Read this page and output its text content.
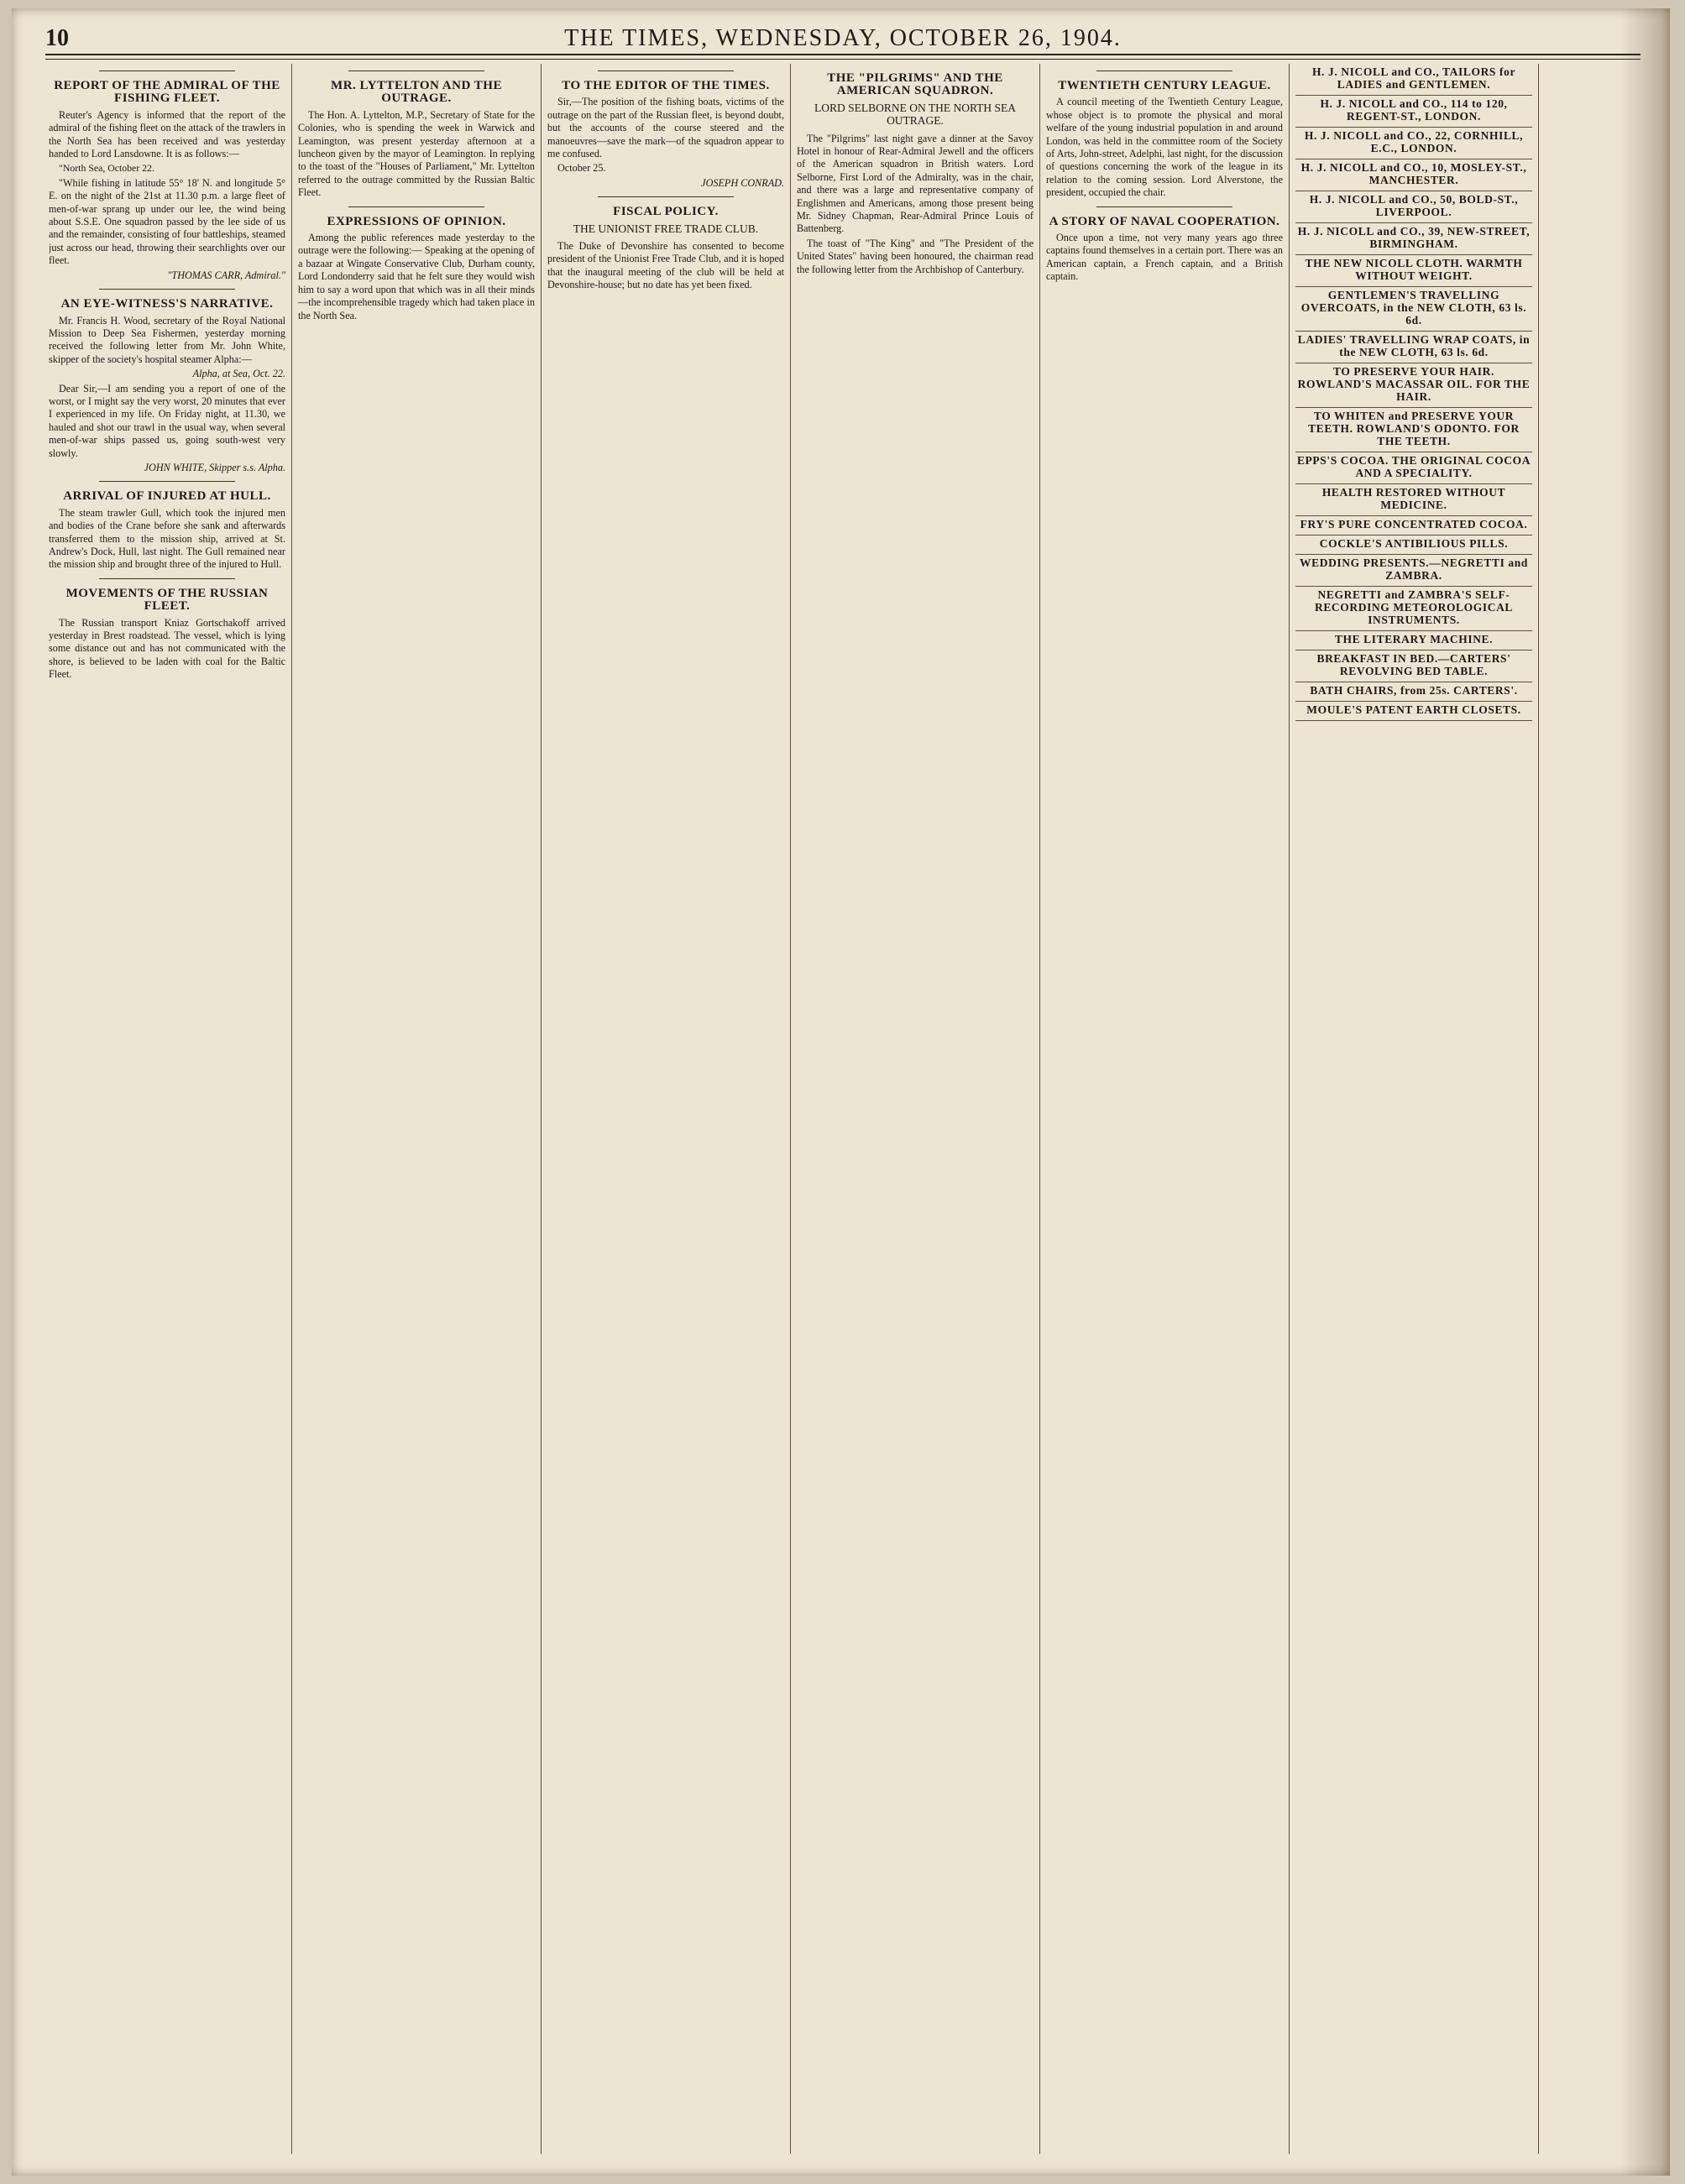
10	THE TIMES, WEDNESDAY, OCTOBER 26, 1904.
REPORT OF THE ADMIRAL OF THE FISHING FLEET.

Reuter's Agency is informed that the report of the admiral of the fishing fleet on the attack of the trawlers in the North Sea has been received and was yesterday handed to Lord Lansdowne. It is as follows:—

"North Sea, October 22.

"While fishing in latitude 55° 18' N. and longitude 5° E. on the night of the 21st at 11.30 p.m. a large fleet of men-of-war sprang up under our lee, the wind being about S.S.E. One squadron passed by the lee side of us and the remainder, consisting of four battleships, steamed just across our head, throwing their searchlights over our fleet.

"THOMAS CARR, Admiral."

AN EYE-WITNESS'S NARRATIVE.

Mr. Francis H. Wood, secretary of the Royal National Mission to Deep Sea Fishermen, yesterday morning received the following letter from Mr. John White, skipper of the society's hospital steamer Alpha:—

Alpha, at Sea, Oct. 22.

Dear Sir,—I am sending you a report of one of the worst, or I might say the very worst, 20 minutes that ever I experienced in my life. On Friday night, at 11.30, we hauled and shot our trawl in the usual way, when several men-of-war ships passed us, going south-west very slowly.

JOHN WHITE, Skipper s.s. Alpha.

ARRIVAL OF INJURED AT HULL.

The steam trawler Gull, which took the injured men and bodies of the Crane before she sank and afterwards transferred them to the mission ship, arrived at St. Andrew's Dock, Hull, last night. The Gull remained near the mission ship and brought three of the injured to Hull.

MOVEMENTS OF THE RUSSIAN FLEET.

The Russian transport Kniaz Gortschakoff arrived yesterday in Brest roadstead. The vessel, which is lying some distance out and has not communicated with the shore, is believed to be laden with coal for the Baltic Fleet.

MR. LYTTELTON AND THE OUTRAGE.

The Hon. A. Lyttelton, M.P., Secretary of State for the Colonies, who is spending the week in Warwick and Leamington, was present yesterday afternoon at a luncheon given by the mayor of Leamington. In replying to the toast of the "Houses of Parliament," Mr. Lyttelton referred to the outrage committed by the Russian Baltic Fleet.

EXPRESSIONS OF OPINION.

Among the public references made yesterday to the outrage were the following:— Speaking at the opening of a bazaar at Wingate Conservative Club, Durham county, Lord Londonderry said that he felt sure they would wish him to say a word upon that which was in all their minds—the incomprehensible tragedy which had taken place in the North Sea.

TO THE EDITOR OF THE TIMES.

Sir,—The position of the fishing boats, victims of the outrage on the part of the Russian fleet, is beyond doubt, but the accounts of the course steered and the manoeuvres—save the mark—of the squadron appear to me confused.

October 25.

JOSEPH CONRAD.

FISCAL POLICY.
THE UNIONIST FREE TRADE CLUB.

The Duke of Devonshire has consented to become president of the Unionist Free Trade Club, and it is hoped that the inaugural meeting of the club will be held at Devonshire-house; but no date has yet been fixed.

THE "PILGRIMS" AND THE AMERICAN SQUADRON.
LORD SELBORNE ON THE NORTH SEA OUTRAGE.

The "Pilgrims" last night gave a dinner at the Savoy Hotel in honour of Rear-Admiral Jewell and the officers of the American squadron in British waters. Lord Selborne, First Lord of the Admiralty, was in the chair, and there was a large and representative company of Englishmen and Americans, among those present being Mr. Sidney Chapman, Rear-Admiral Prince Louis of Battenberg.

The toast of "The King" and "The President of the United States" having been honoured, the chairman read the following letter from the Archbishop of Canterbury.

TWENTIETH CENTURY LEAGUE.

A council meeting of the Twentieth Century League, whose object is to promote the physical and moral welfare of the young industrial population in and around London, was held in the committee room of the Society of Arts, John-street, Adelphi, last night, for the discussion of questions concerning the work of the league in its relation to the coming session. Lord Alverstone, the president, occupied the chair.

A STORY OF NAVAL COOPERATION.

Once upon a time, not very many years ago three captains found themselves in a certain port. There was an American captain, a French captain, and a British captain.

H. J. NICOLL and CO., TAILORS for LADIES and GENTLEMEN.
H. J. NICOLL and CO., 114 to 120, REGENT-ST., LONDON.
H. J. NICOLL and CO., 22, CORNHILL, E.C., LONDON.
H. J. NICOLL and CO., 10, MOSLEY-ST., MANCHESTER.
H. J. NICOLL and CO., 50, BOLD-ST., LIVERPOOL.
H. J. NICOLL and CO., 39, NEW-STREET, BIRMINGHAM.
THE NEW NICOLL CLOTH. WARMTH WITHOUT WEIGHT.
GENTLEMEN'S TRAVELLING OVERCOATS, in the NEW CLOTH, 63 ls. 6d.
LADIES' TRAVELLING WRAP COATS, in the NEW CLOTH, 63 ls. 6d.
TO PRESERVE YOUR HAIR. ROWLAND'S MACASSAR OIL. FOR THE HAIR.
TO WHITEN and PRESERVE YOUR TEETH. ROWLAND'S ODONTO. FOR THE TEETH.
EPPS'S COCOA. THE ORIGINAL COCOA AND A SPECIALITY.
HEALTH RESTORED WITHOUT MEDICINE.
FRY'S PURE CONCENTRATED COCOA.
COCKLE'S ANTIBILIOUS PILLS.
WEDDING PRESENTS.—NEGRETTI and ZAMBRA.
NEGRETTI and ZAMBRA'S SELF-RECORDING METEOROLOGICAL INSTRUMENTS.
THE LITERARY MACHINE.
BREAKFAST IN BED.—CARTERS' REVOLVING BED TABLE.
BATH CHAIRS, from 25s. CARTERS'.
MOULE'S PATENT EARTH CLOSETS.
